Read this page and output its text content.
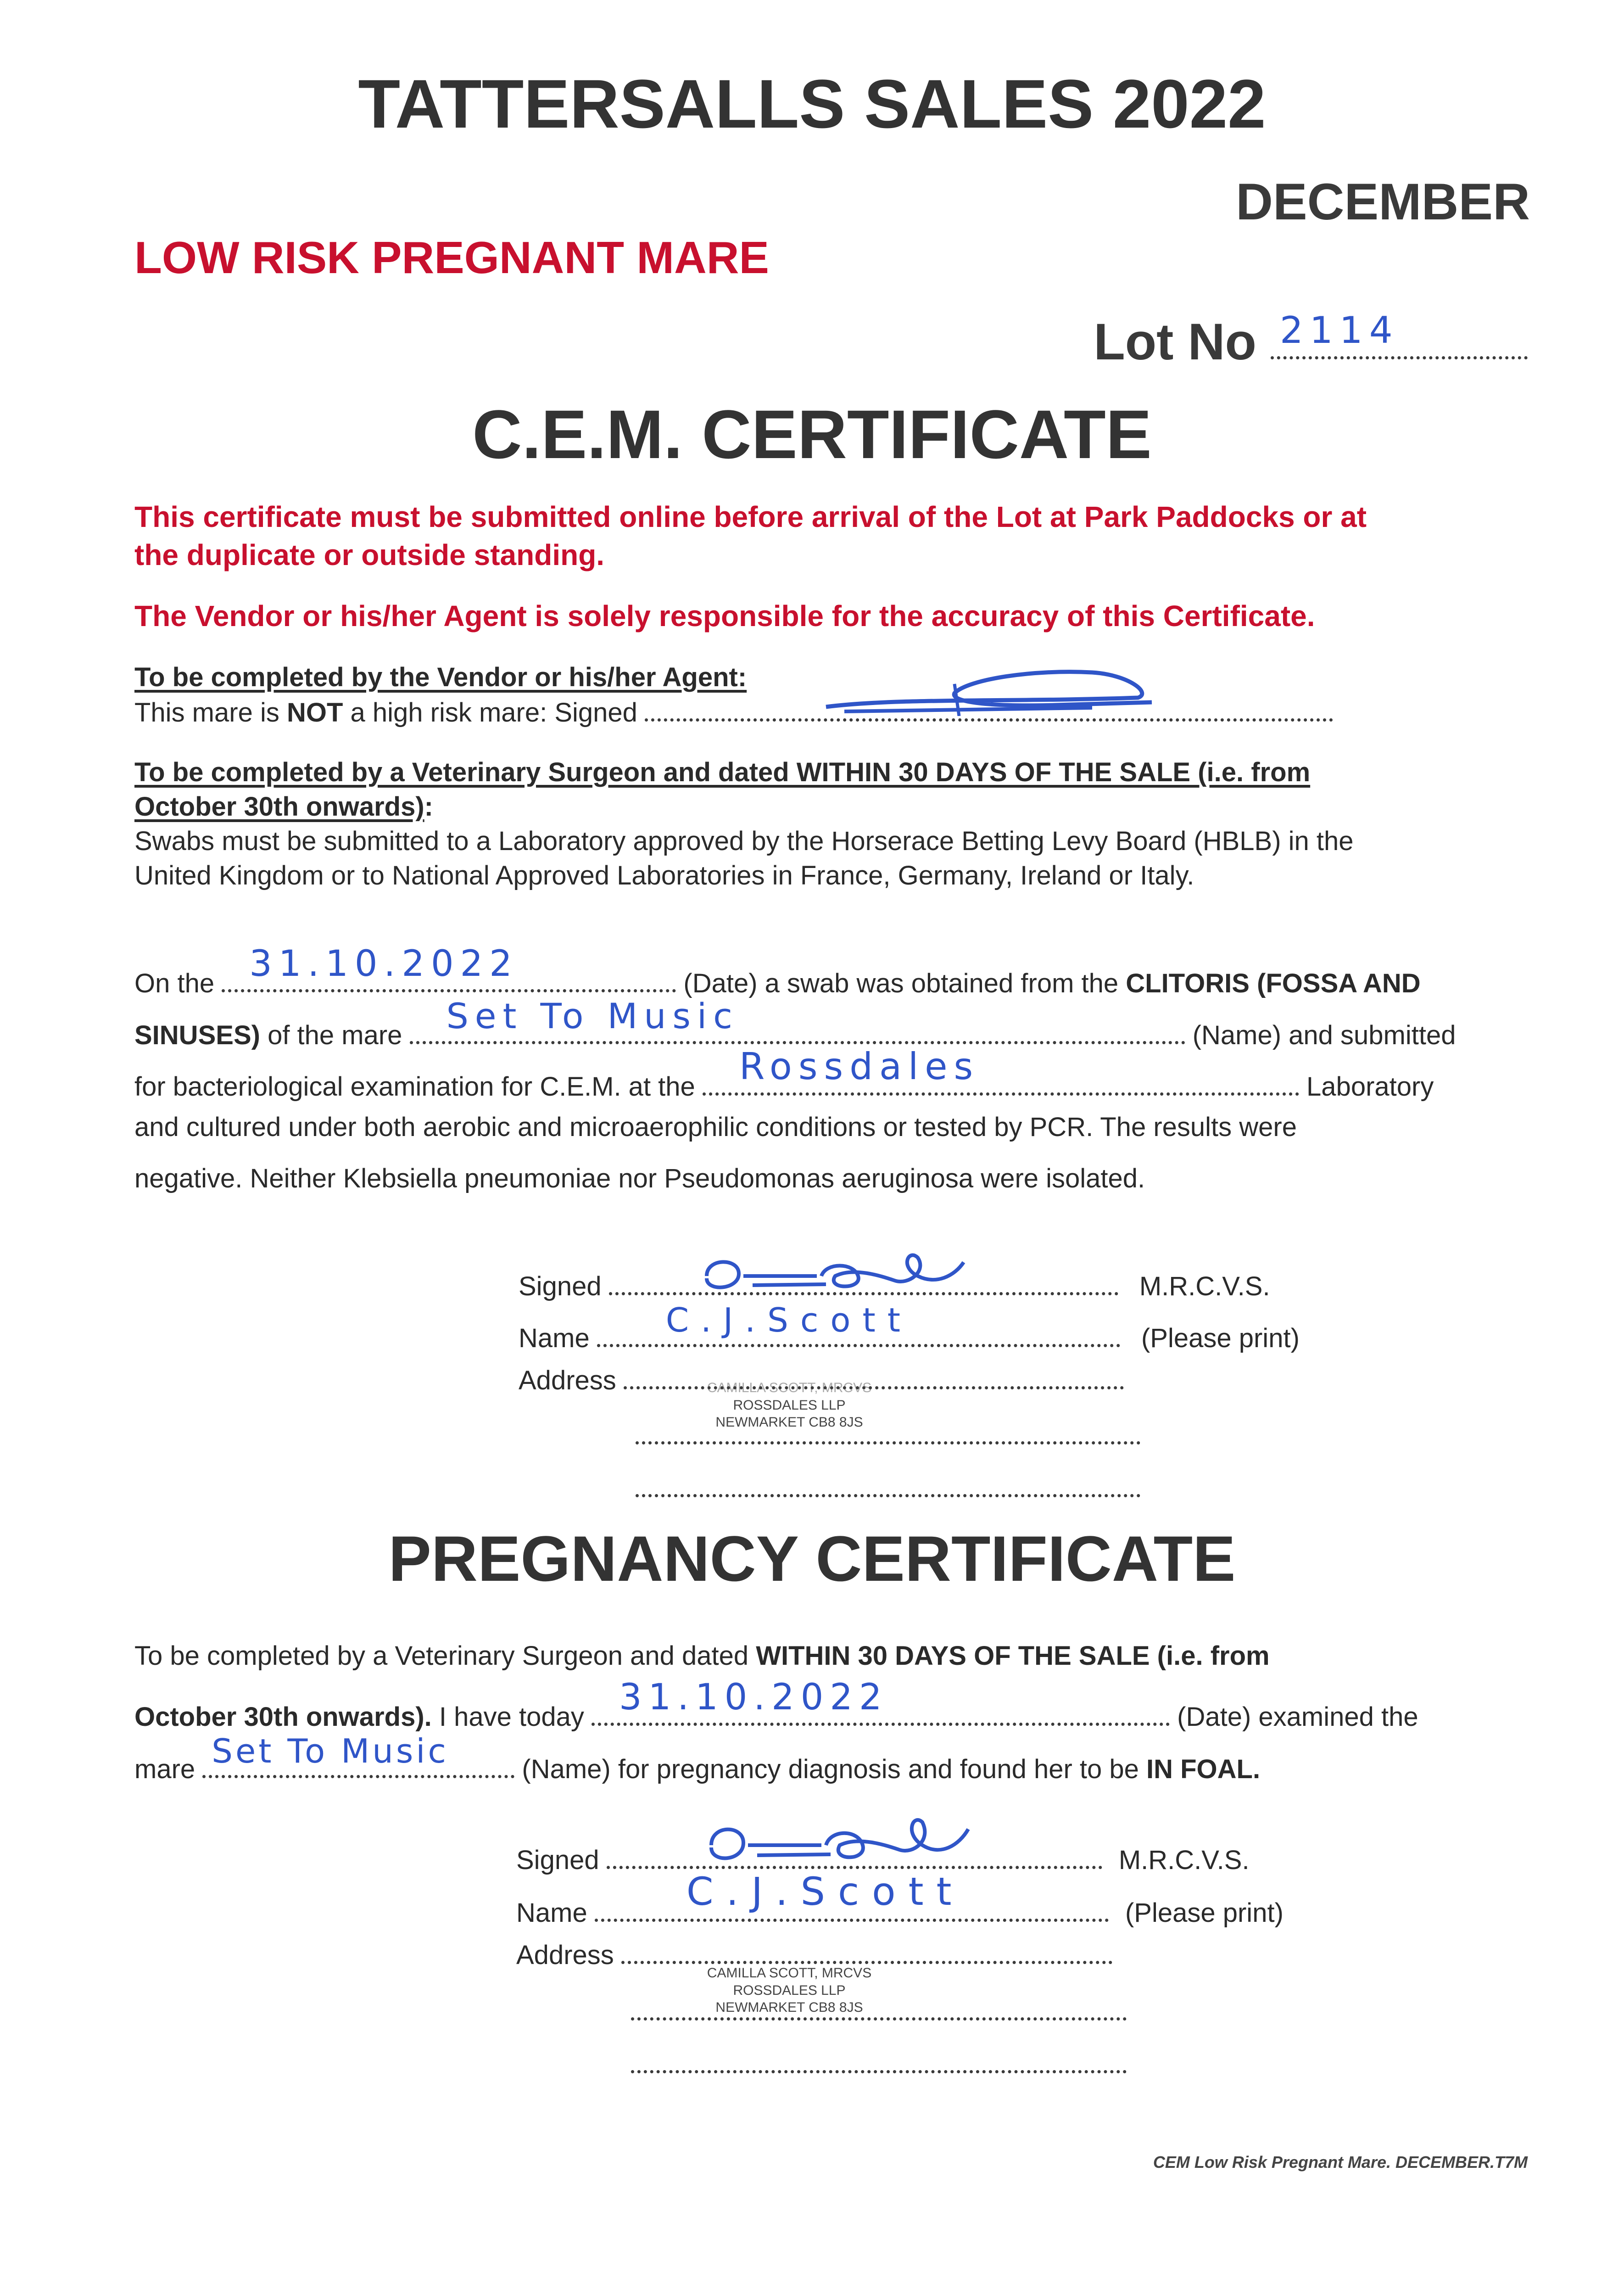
TATTERSALLS SALES 2022
DECEMBER
LOW RISK PREGNANT MARE
Lot No 2114
C.E.M. CERTIFICATE
This certificate must be submitted online before arrival of the Lot at Park Paddocks or at
the duplicate or outside standing.
The Vendor or his/her Agent is solely responsible for the accuracy of this Certificate.
To be completed by the Vendor or his/her Agent:
This mare is NOT a high risk mare: Signed
To be completed by a Veterinary Surgeon and dated WITHIN 30 DAYS OF THE SALE (i.e. from
October 30th onwards):
Swabs must be submitted to a Laboratory approved by the Horserace Betting Levy Board (HBLB) in the
United Kingdom or to National Approved Laboratories in France, Germany, Ireland or Italy.
On the 31.10.2022	(Date) a swab was obtained from the CLITORIS (FOSSA AND
SINUSES) of the mare Set To Music	(Name) and submitted
for bacteriological examination for C.E.M. at the Rossdales	Laboratory
and cultured under both aerobic and microaerophilic conditions or tested by PCR. The results were
negative. Neither Klebsiella pneumoniae nor Pseudomonas aeruginosa were isolated.
Signed	M.R.C.V.S.
Name C.J.Scott	(Please print)
Address	CAMILLA SCOTT, MRCVS
ROSSDALES LLP
NEWMARKET CB8 8JS
PREGNANCY CERTIFICATE
To be completed by a Veterinary Surgeon and dated WITHIN 30 DAYS OF THE SALE (i.e. from
October 30th onwards). I have today 31.10.2022	(Date) examined the
mare Set To Music	(Name) for pregnancy diagnosis and found her to be IN FOAL.
Signed	M.R.C.V.S.
Name	C.J.Scott	(Please print)
Address
CAMILLA SCOTT, MRCVS
ROSSDALES LLP
NEWMARKET CB8 8JS
CEM Low Risk Pregnant Mare. DECEMBER.T7M
